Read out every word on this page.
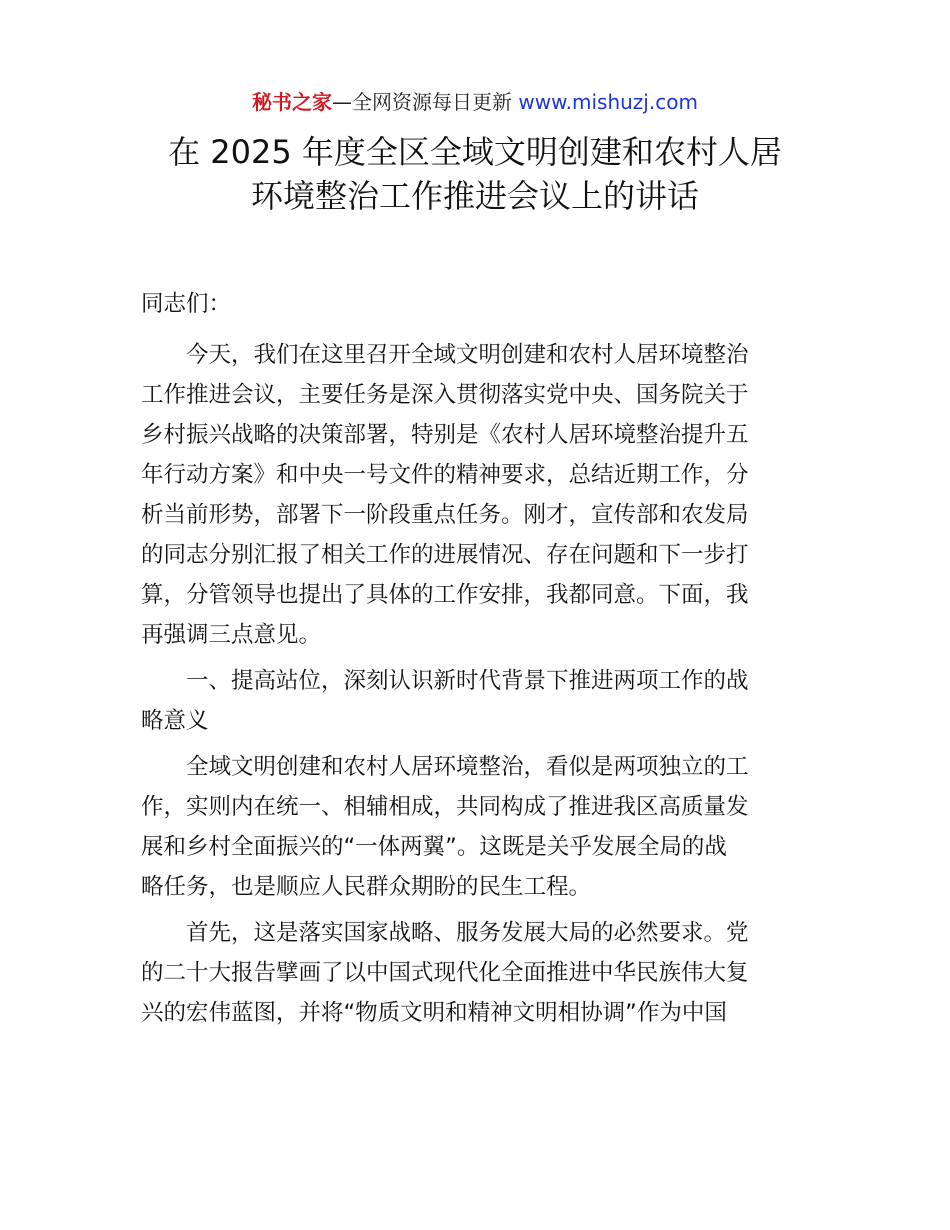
秘书之家—全网资源每日更新 www.mishuzj.com
在 2025 年度全区全域文明创建和农村人居
环境整治工作推进会议上的讲话

同志们：

　　今天，我们在这里召开全域文明创建和农村人居环境整治
工作推进会议，主要任务是深入贯彻落实党中央、国务院关于
乡村振兴战略的决策部署，特别是《农村人居环境整治提升五
年行动方案》和中央一号文件的精神要求，总结近期工作，分
析当前形势，部署下一阶段重点任务。刚才，宣传部和农发局
的同志分别汇报了相关工作的进展情况、存在问题和下一步打
算，分管领导也提出了具体的工作安排，我都同意。下面，我
再强调三点意见。

　　一、提高站位，深刻认识新时代背景下推进两项工作的战
略意义

　　全域文明创建和农村人居环境整治，看似是两项独立的工
作，实则内在统一、相辅相成，共同构成了推进我区高质量发
展和乡村全面振兴的“一体两翼”。这既是关乎发展全局的战
略任务，也是顺应人民群众期盼的民生工程。

　　首先，这是落实国家战略、服务发展大局的必然要求。党
的二十大报告擘画了以中国式现代化全面推进中华民族伟大复
兴的宏伟蓝图，并将“物质文明和精神文明相协调”作为中国
